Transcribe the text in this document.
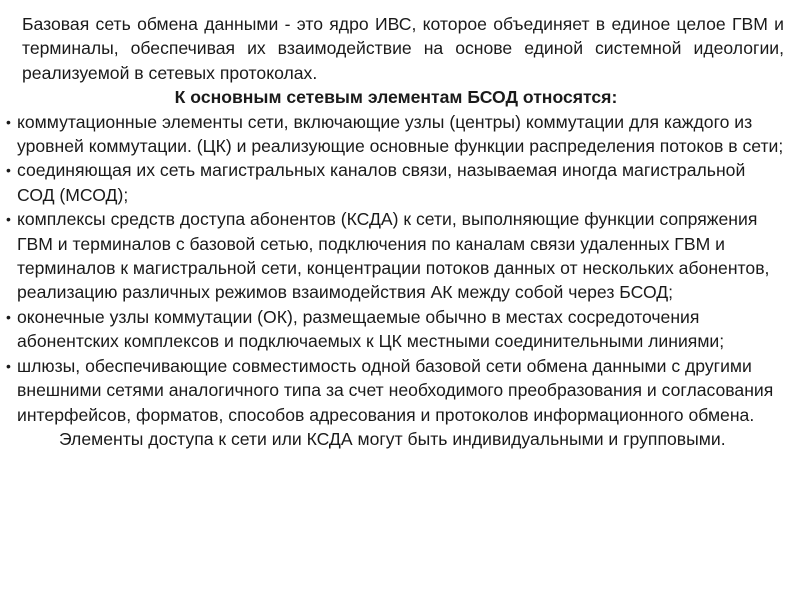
Базовая сеть обмена данными - это ядро ИВС, которое объединяет в единое целое ГВМ и терминалы, обеспечивая их взаимодействие на основе единой системной идеологии, реализуемой в сетевых протоколах.

К основным сетевым элементам БСОД относятся:

• коммутационные элементы сети, включающие узлы (центры) коммутации для каждого из уровней коммутации. (ЦК) и реализующие основные функции распределения потоков в сети;
• соединяющая их сеть магистральных каналов связи, называемая иногда магистральной СОД (МСОД);
• комплексы средств доступа абонентов (КСДА) к сети, выполняющие функции сопряжения ГВМ и терминалов с базовой сетью, подключения по каналам связи удаленных ГВМ и терминалов к магистральной сети, концентрации потоков данных от нескольких абонентов, реализацию различных режимов взаимодействия АК между собой через БСОД;
• оконечные узлы коммутации (ОК), размещаемые обычно в местах сосредоточения абонентских комплексов и подключаемых к ЦК местными соединительными линиями;
• шлюзы, обеспечивающие совместимость одной базовой сети обмена данными с другими внешними сетями аналогичного типа за счет необходимого преобразования и согласования интерфейсов, форматов, способов адресования и протоколов информационного обмена.

Элементы доступа к сети или КСДА могут быть индивидуальными и групповыми.
